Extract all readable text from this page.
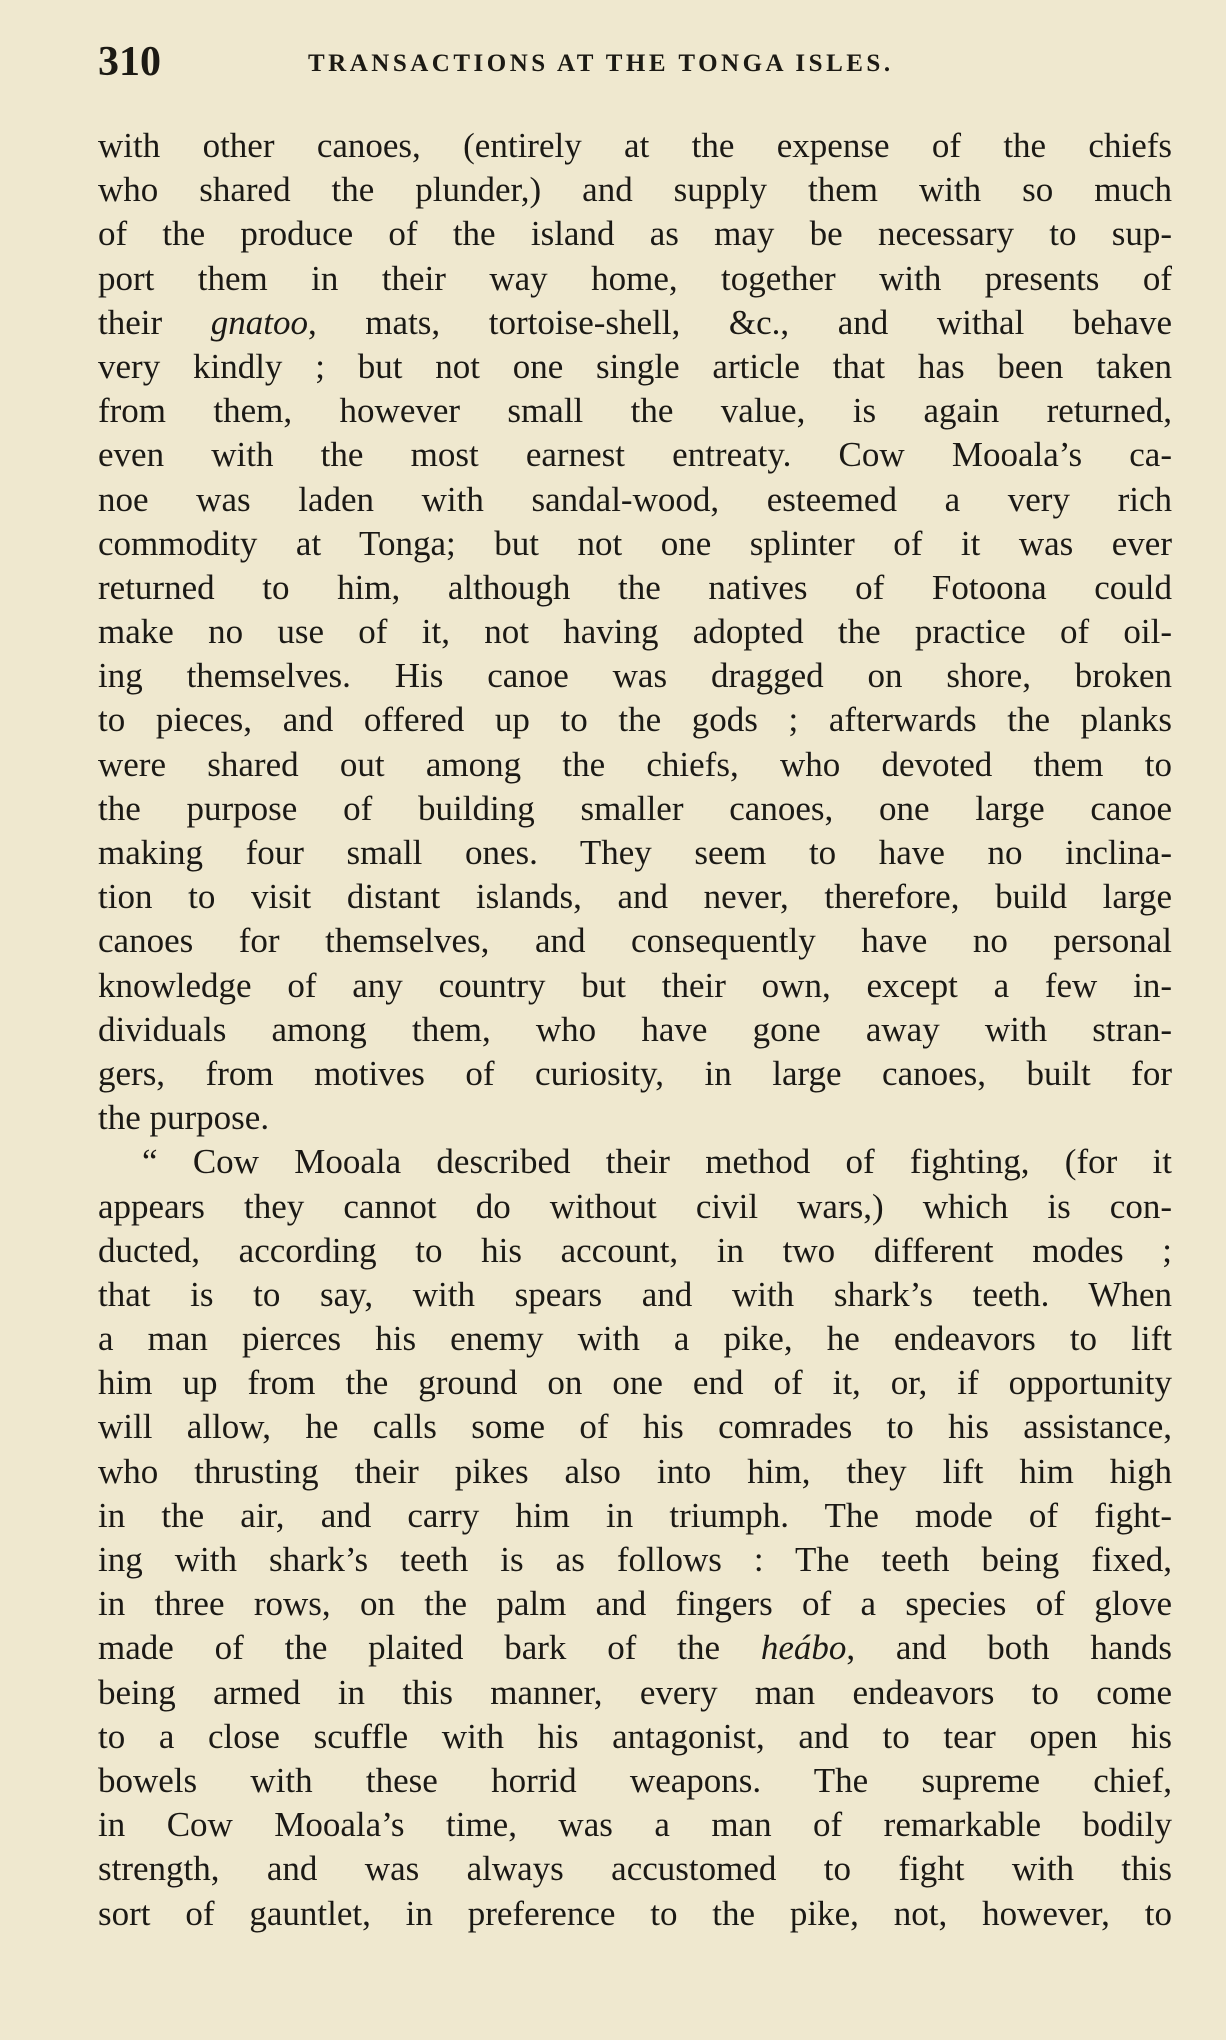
310	TRANSACTIONS AT THE TONGA ISLES.
with other canoes, (entirely at the expense of the chiefs
who shared the plunder,) and supply them with so much
of the produce of the island as may be necessary to sup-
port them in their way home, together with presents of
their gnatoo, mats, tortoise-shell, &c., and withal behave
very kindly ; but not one single article that has been taken
from them, however small the value, is again returned,
even with the most earnest entreaty. Cow Mooala’s ca-
noe was laden with sandal-wood, esteemed a very rich
commodity at Tonga; but not one splinter of it was ever
returned to him, although the natives of Fotoona could
make no use of it, not having adopted the practice of oil-
ing themselves. His canoe was dragged on shore, broken
to pieces, and offered up to the gods ; afterwards the planks
were shared out among the chiefs, who devoted them to
the purpose of building smaller canoes, one large canoe
making four small ones. They seem to have no inclina-
tion to visit distant islands, and never, therefore, build large
canoes for themselves, and consequently have no personal
knowledge of any country but their own, except a few in-
dividuals among them, who have gone away with stran-
gers, from motives of curiosity, in large canoes, built for
the purpose.
“ Cow Mooala described their method of fighting, (for it
appears they cannot do without civil wars,) which is con-
ducted, according to his account, in two different modes ;
that is to say, with spears and with shark’s teeth. When
a man pierces his enemy with a pike, he endeavors to lift
him up from the ground on one end of it, or, if opportunity
will allow, he calls some of his comrades to his assistance,
who thrusting their pikes also into him, they lift him high
in the air, and carry him in triumph. The mode of fight-
ing with shark’s teeth is as follows : The teeth being fixed,
in three rows, on the palm and fingers of a species of glove
made of the plaited bark of the heábo, and both hands
being armed in this manner, every man endeavors to come
to a close scuffle with his antagonist, and to tear open his
bowels with these horrid weapons. The supreme chief,
in Cow Mooala’s time, was a man of remarkable bodily
strength, and was always accustomed to fight with this
sort of gauntlet, in preference to the pike, not, however, to
